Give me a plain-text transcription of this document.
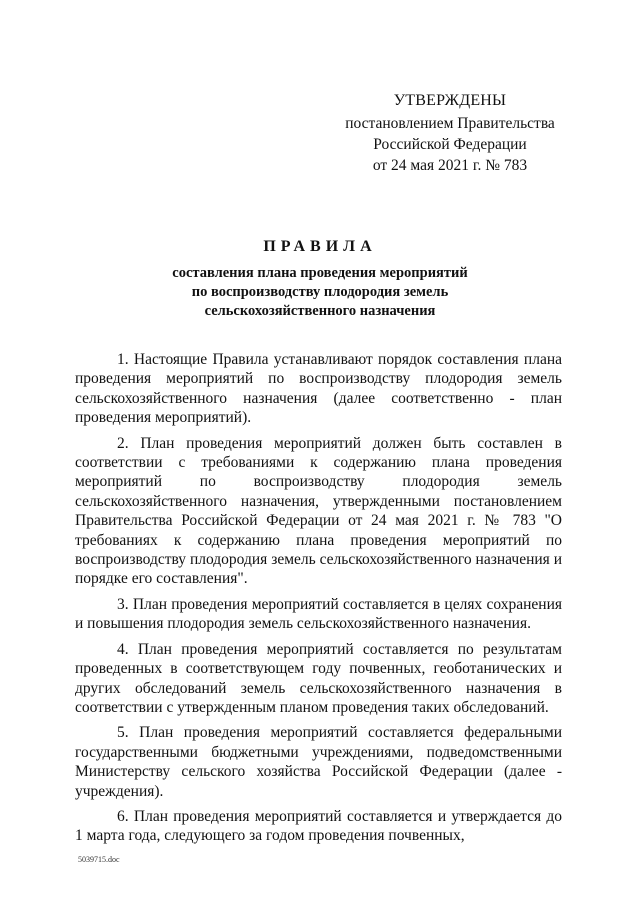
УТВЕРЖДЕНЫ
постановлением Правительства
Российской Федерации
от 24 мая 2021 г. № 783
ПРАВИЛА
составления плана проведения мероприятий
по воспроизводству плодородия земель
сельскохозяйственного назначения

1. Настоящие Правила устанавливают порядок составления плана проведения мероприятий по воспроизводству плодородия земель сельскохозяйственного назначения (далее соответственно - план проведения мероприятий).

2. План проведения мероприятий должен быть составлен в соответствии с требованиями к содержанию плана проведения мероприятий по воспроизводству плодородия земель сельскохозяйственного назначения, утвержденными постановлением Правительства Российской Федерации от 24 мая 2021 г. № 783 "О требованиях к содержанию плана проведения мероприятий по воспроизводству плодородия земель сельскохозяйственного назначения и порядке его составления".

3. План проведения мероприятий составляется в целях сохранения и повышения плодородия земель сельскохозяйственного назначения.

4. План проведения мероприятий составляется по результатам проведенных в соответствующем году почвенных, геоботанических и других обследований земель сельскохозяйственного назначения в соответствии с утвержденным планом проведения таких обследований.

5. План проведения мероприятий составляется федеральными государственными бюджетными учреждениями, подведомственными Министерству сельского хозяйства Российской Федерации (далее - учреждения).

6. План проведения мероприятий составляется и утверждается до 1 марта года, следующего за годом проведения почвенных,

5039715.doc
